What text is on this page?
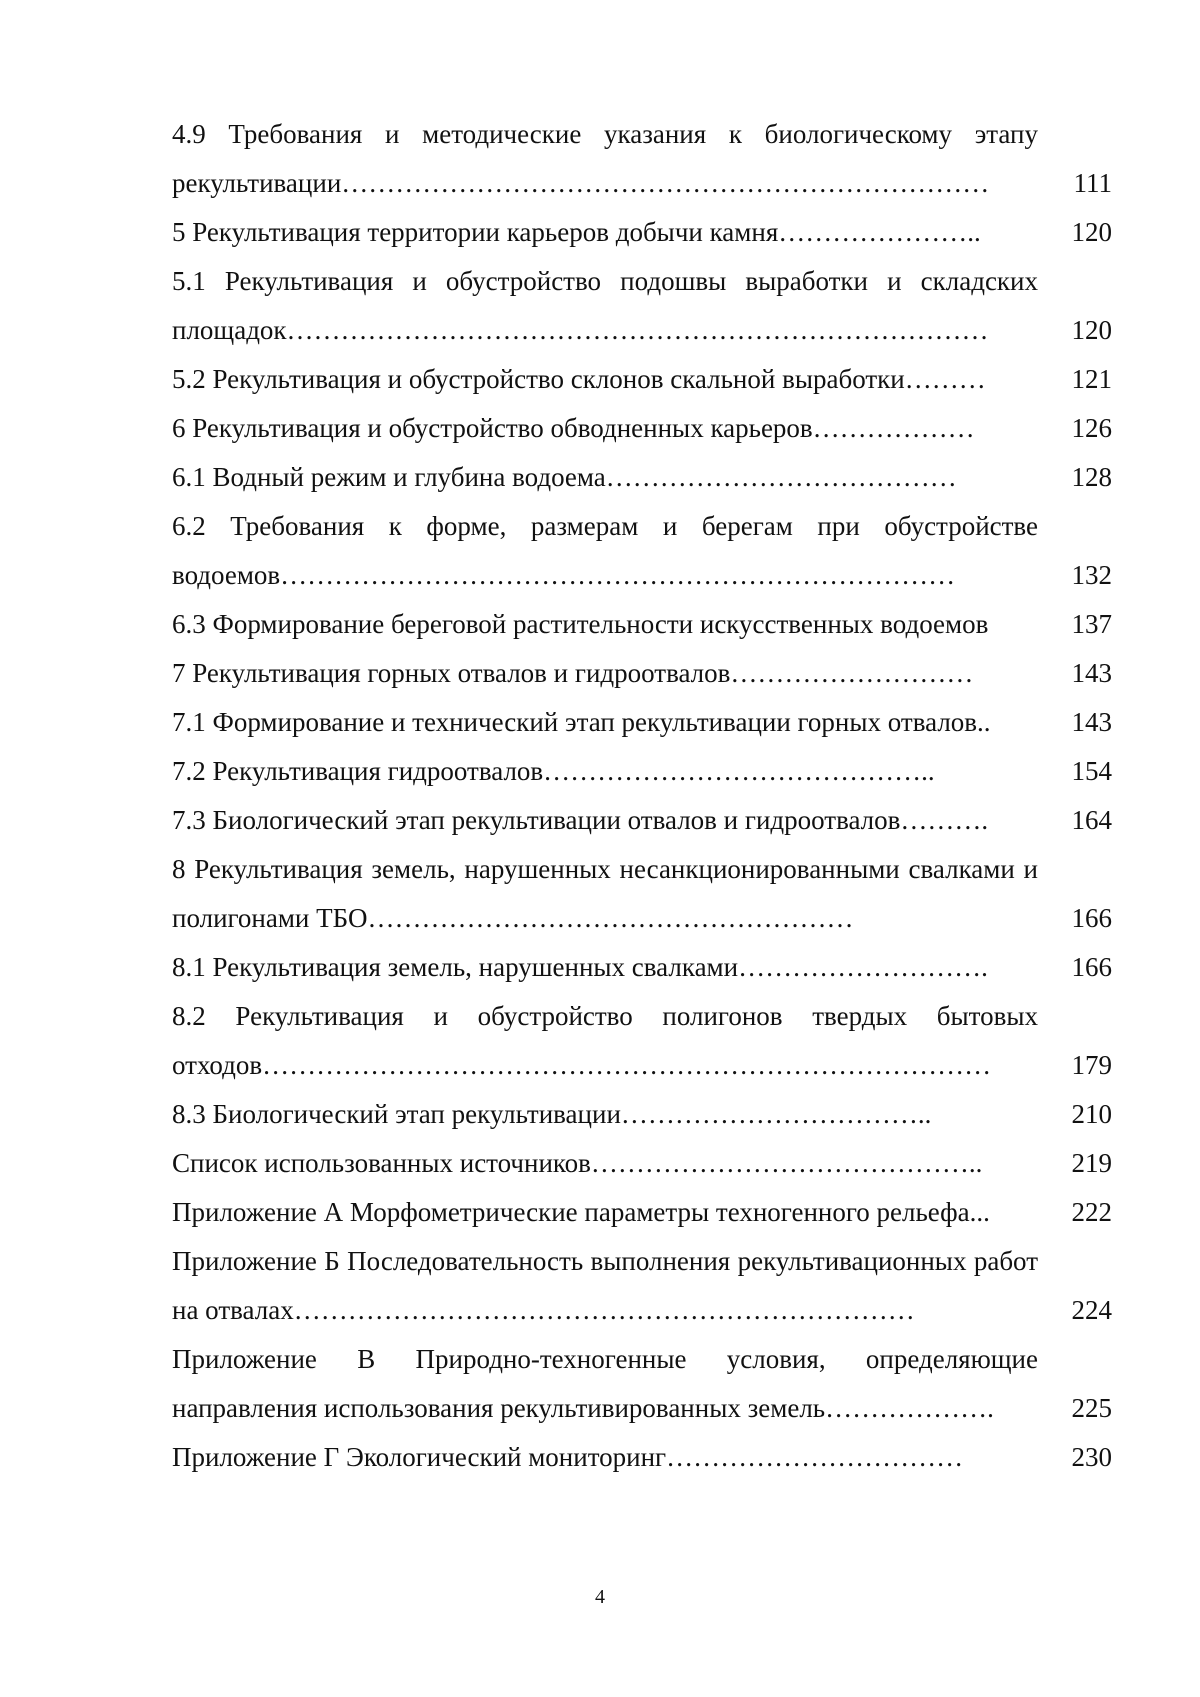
4.9 Требования и методические указания к биологическому этапу рекультивации………………………………………………………………	111
5 Рекультивация территории карьеров добычи камня…………………..	120
5.1 Рекультивация и обустройство подошвы выработки и складских площадок……………………………………………………………………	120
5.2 Рекультивация и обустройство склонов скальной выработки………	121
6 Рекультивация и обустройство обводненных карьеров………………	126
6.1 Водный режим и глубина водоема…………………………………	128
6.2 Требования к форме, размерам и берегам при обустройстве водоемов…………………………………………………………………	132
6.3 Формирование береговой растительности искусственных водоемов	137
7 Рекультивация горных отвалов и гидроотвалов………………………	143
7.1 Формирование и технический этап рекультивации горных отвалов..	143
7.2 Рекультивация гидроотвалов……………………………………..	154
7.3 Биологический этап рекультивации отвалов и гидроотвалов……….	164
8 Рекультивация земель, нарушенных несанкционированными свалками и полигонами ТБО………………………………………………	166
8.1 Рекультивация земель, нарушенных свалками……………………….	166
8.2 Рекультивация и обустройство полигонов твердых бытовых отходов………………………………………………………………………	179
8.3 Биологический этап рекультивации……………………………..	210
Список использованных источников……………………………………..	219
Приложение А Морфометрические параметры техногенного рельефа...	222
Приложение Б Последовательность выполнения рекультивационных работ на отвалах……………………………………………………………	224
Приложение В Природно-техногенные условия, определяющие направления использования рекультивированных земель……………….	225
Приложение Г Экологический мониторинг……………………………	230
4
